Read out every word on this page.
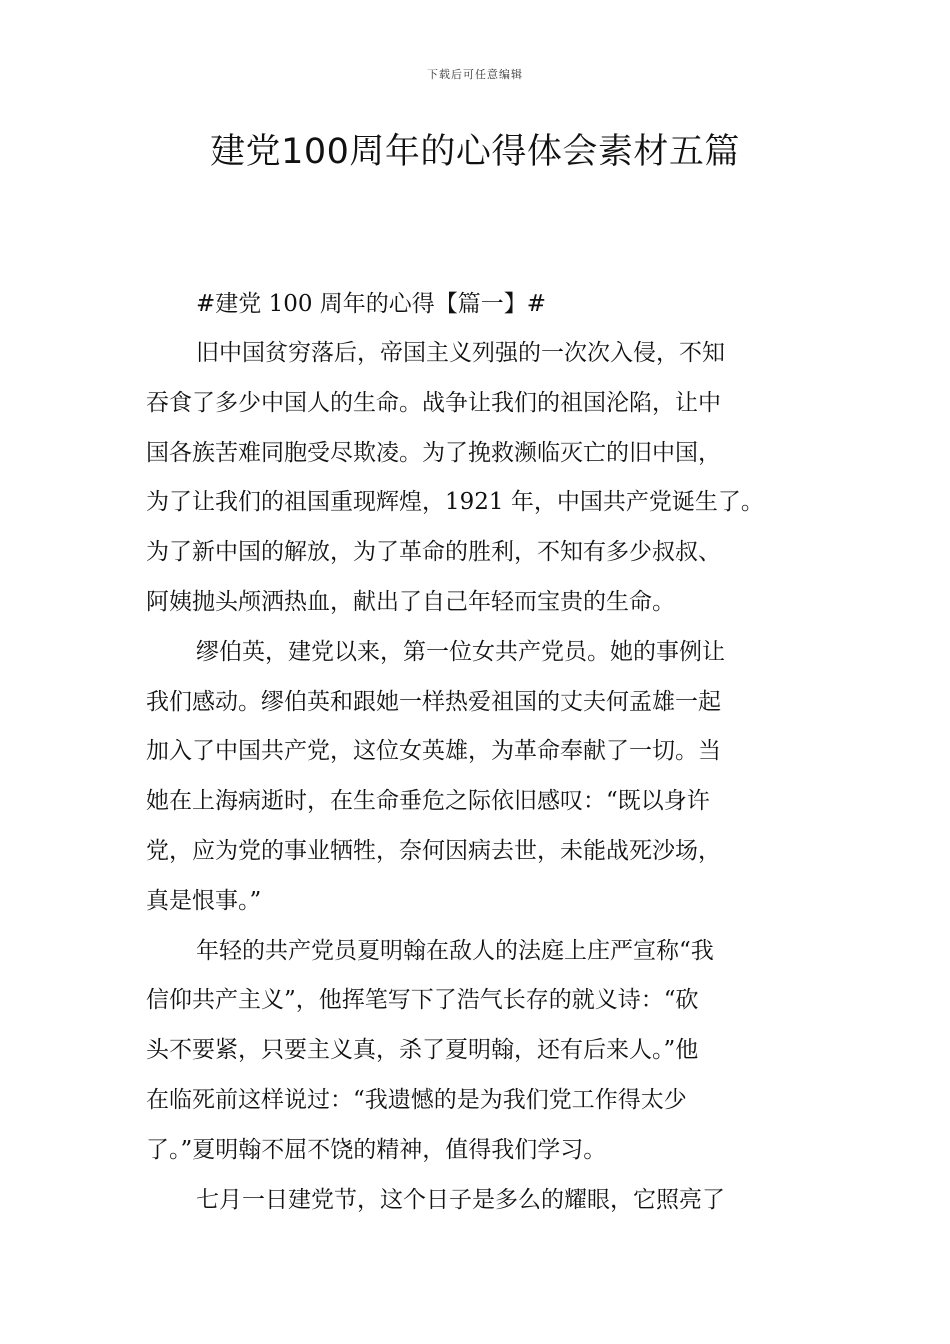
下载后可任意编辑
建党100周年的心得体会素材五篇

#建党 100 周年的心得【篇一】#

旧中国贫穷落后，帝国主义列强的一次次入侵，不知
吞食了多少中国人的生命。战争让我们的祖国沦陷，让中
国各族苦难同胞受尽欺凌。为了挽救濒临灭亡的旧中国，
为了让我们的祖国重现辉煌，1921 年，中国共产党诞生了。
为了新中国的解放，为了革命的胜利，不知有多少叔叔、
阿姨抛头颅洒热血，献出了自己年轻而宝贵的生命。

缪伯英，建党以来，第一位女共产党员。她的事例让
我们感动。缪伯英和跟她一样热爱祖国的丈夫何孟雄一起
加入了中国共产党，这位女英雄，为革命奉献了一切。当
她在上海病逝时，在生命垂危之际依旧感叹：“既以身许
党，应为党的事业牺牲，奈何因病去世，未能战死沙场，
真是恨事。”

年轻的共产党员夏明翰在敌人的法庭上庄严宣称“我
信仰共产主义”，他挥笔写下了浩气长存的就义诗：“砍
头不要紧，只要主义真，杀了夏明翰，还有后来人。”他
在临死前这样说过：“我遗憾的是为我们党工作得太少
了。”夏明翰不屈不饶的精神，值得我们学习。

七月一日建党节，这个日子是多么的耀眼，它照亮了
